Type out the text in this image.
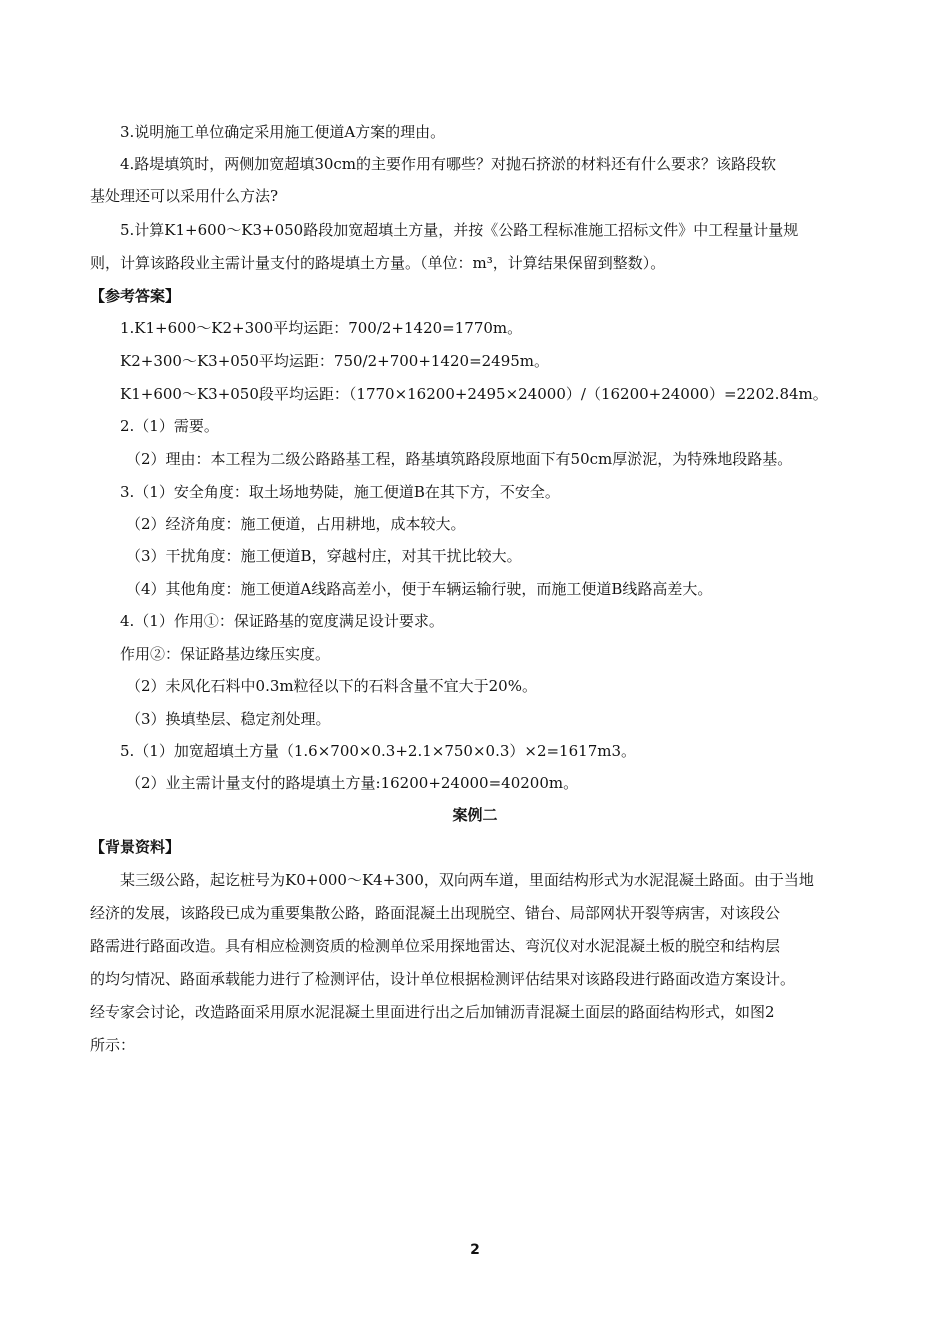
3.说明施工单位确定采用施工便道A方案的理由。
4.路堤填筑时，两侧加宽超填30cm的主要作用有哪些？对抛石挤淤的材料还有什么要求？该路段软
基处理还可以采用什么方法?
5.计算K1+600～K3+050路段加宽超填土方量，并按《公路工程标准施工招标文件》中工程量计量规
则，计算该路段业主需计量支付的路堤填土方量。（单位：m³，计算结果保留到整数）。
【参考答案】
1.K1+600～K2+300平均运距：700/2+1420=1770m。
K2+300～K3+050平均运距：750/2+700+1420=2495m。
K1+600～K3+050段平均运距：（1770×16200+2495×24000）/（16200+24000）=2202.84m。
2.（1）需要。
（2）理由：本工程为二级公路路基工程，路基填筑路段原地面下有50cm厚淤泥，为特殊地段路基。
3.（1）安全角度：取土场地势陡，施工便道B在其下方，不安全。
（2）经济角度：施工便道，占用耕地，成本较大。
（3）干扰角度：施工便道B，穿越村庄，对其干扰比较大。
（4）其他角度：施工便道A线路高差小，便于车辆运输行驶，而施工便道B线路高差大。
4.（1）作用①：保证路基的宽度满足设计要求。
作用②：保证路基边缘压实度。
（2）未风化石料中0.3m粒径以下的石料含量不宜大于20%。
（3）换填垫层、稳定剂处理。
5.（1）加宽超填土方量（1.6×700×0.3+2.1×750×0.3）×2=1617m3。
（2）业主需计量支付的路堤填土方量:16200+24000=40200m。
案例二
【背景资料】
某三级公路，起讫桩号为K0+000～K4+300，双向两车道，里面结构形式为水泥混凝土路面。由于当地
经济的发展，该路段已成为重要集散公路，路面混凝土出现脱空、错台、局部网状开裂等病害，对该段公
路需进行路面改造。具有相应检测资质的检测单位采用探地雷达、弯沉仪对水泥混凝土板的脱空和结构层
的均匀情况、路面承载能力进行了检测评估，设计单位根据检测评估结果对该路段进行路面改造方案设计。
经专家会讨论，改造路面采用原水泥混凝土里面进行出之后加铺沥青混凝土面层的路面结构形式，如图2
所示：
2
